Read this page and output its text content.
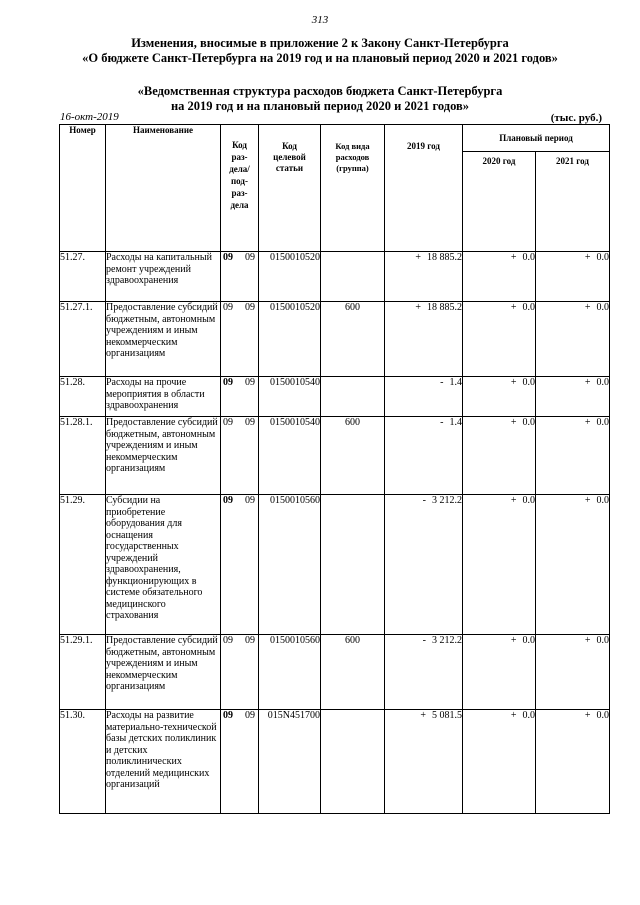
313
Изменения, вносимые в приложение 2 к Закону Санкт-Петербурга
«О бюджете Санкт-Петербурга на 2019 год и на плановый период 2020 и 2021 годов»
«Ведомственная структура расходов бюджета Санкт-Петербурга
на 2019 год и на плановый период 2020 и 2021 годов»
16-окт-2019	(тыс. руб.)
Номер	Наименование	Код раз- дела/ под- раз- дела	Код целевой статьи	Код вида расходов (группа)	2019 год	Плановый период	
						2020 год	2021 год
51.27.	Расходы на капитальный ремонт учреждений здравоохранения	09 09	0150010520		+ 18 885.2	+ 0.0	+ 0.0
51.27.1.	Предоставление субсидий бюджетным, автономным учреждениям и иным некоммерческим организациям	09 09	0150010520	600	+ 18 885.2	+ 0.0	+ 0.0
51.28.	Расходы на прочие мероприятия в области здравоохранения	09 09	0150010540		- 1.4	+ 0.0	+ 0.0
51.28.1.	Предоставление субсидий бюджетным, автономным учреждениям и иным некоммерческим организациям	09 09	0150010540	600	- 1.4	+ 0.0	+ 0.0
51.29.	Субсидии на приобретение оборудования для оснащения государственных учреждений здравоохранения, функционирующих в системе обязательного медицинского страхования	09 09	0150010560		- 3 212.2	+ 0.0	+ 0.0
51.29.1.	Предоставление субсидий бюджетным, автономным учреждениям и иным некоммерческим организациям	09 09	0150010560	600	- 3 212.2	+ 0.0	+ 0.0
51.30.	Расходы на развитие материально-технической базы детских поликлиник и детских поликлинических отделений медицинских организаций	09 09	015N451700		+ 5 081.5	+ 0.0	+ 0.0
